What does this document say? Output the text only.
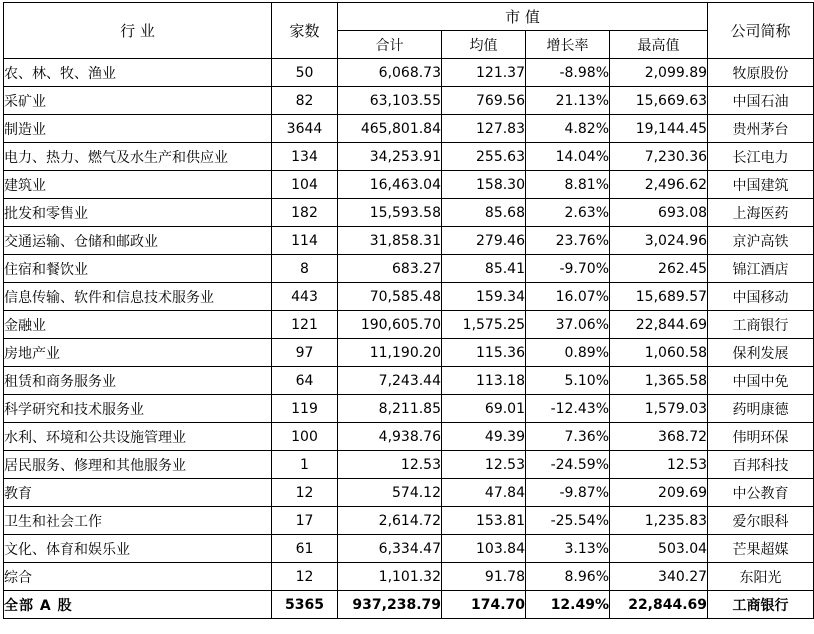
行 业	家数	市 值				公司简称
		合计	均值	增长率	最高值	
农、林、牧、渔业	50	6,068.73	121.37	-8.98%	2,099.89	牧原股份
采矿业	82	63,103.55	769.56	21.13%	15,669.63	中国石油
制造业	3644	465,801.84	127.83	4.82%	19,144.45	贵州茅台
电力、热力、燃气及水生产和供应业	134	34,253.91	255.63	14.04%	7,230.36	长江电力
建筑业	104	16,463.04	158.30	8.81%	2,496.62	中国建筑
批发和零售业	182	15,593.58	85.68	2.63%	693.08	上海医药
交通运输、仓储和邮政业	114	31,858.31	279.46	23.76%	3,024.96	京沪高铁
住宿和餐饮业	8	683.27	85.41	-9.70%	262.45	锦江酒店
信息传输、软件和信息技术服务业	443	70,585.48	159.34	16.07%	15,689.57	中国移动
金融业	121	190,605.70	1,575.25	37.06%	22,844.69	工商银行
房地产业	97	11,190.20	115.36	0.89%	1,060.58	保利发展
租赁和商务服务业	64	7,243.44	113.18	5.10%	1,365.58	中国中免
科学研究和技术服务业	119	8,211.85	69.01	-12.43%	1,579.03	药明康德
水利、环境和公共设施管理业	100	4,938.76	49.39	7.36%	368.72	伟明环保
居民服务、修理和其他服务业	1	12.53	12.53	-24.59%	12.53	百邦科技
教育	12	574.12	47.84	-9.87%	209.69	中公教育
卫生和社会工作	17	2,614.72	153.81	-25.54%	1,235.83	爱尔眼科
文化、体育和娱乐业	61	6,334.47	103.84	3.13%	503.04	芒果超媒
综合	12	1,101.32	91.78	8.96%	340.27	东阳光
全部 A 股	5365	937,238.79	174.70	12.49%	22,844.69	工商银行
